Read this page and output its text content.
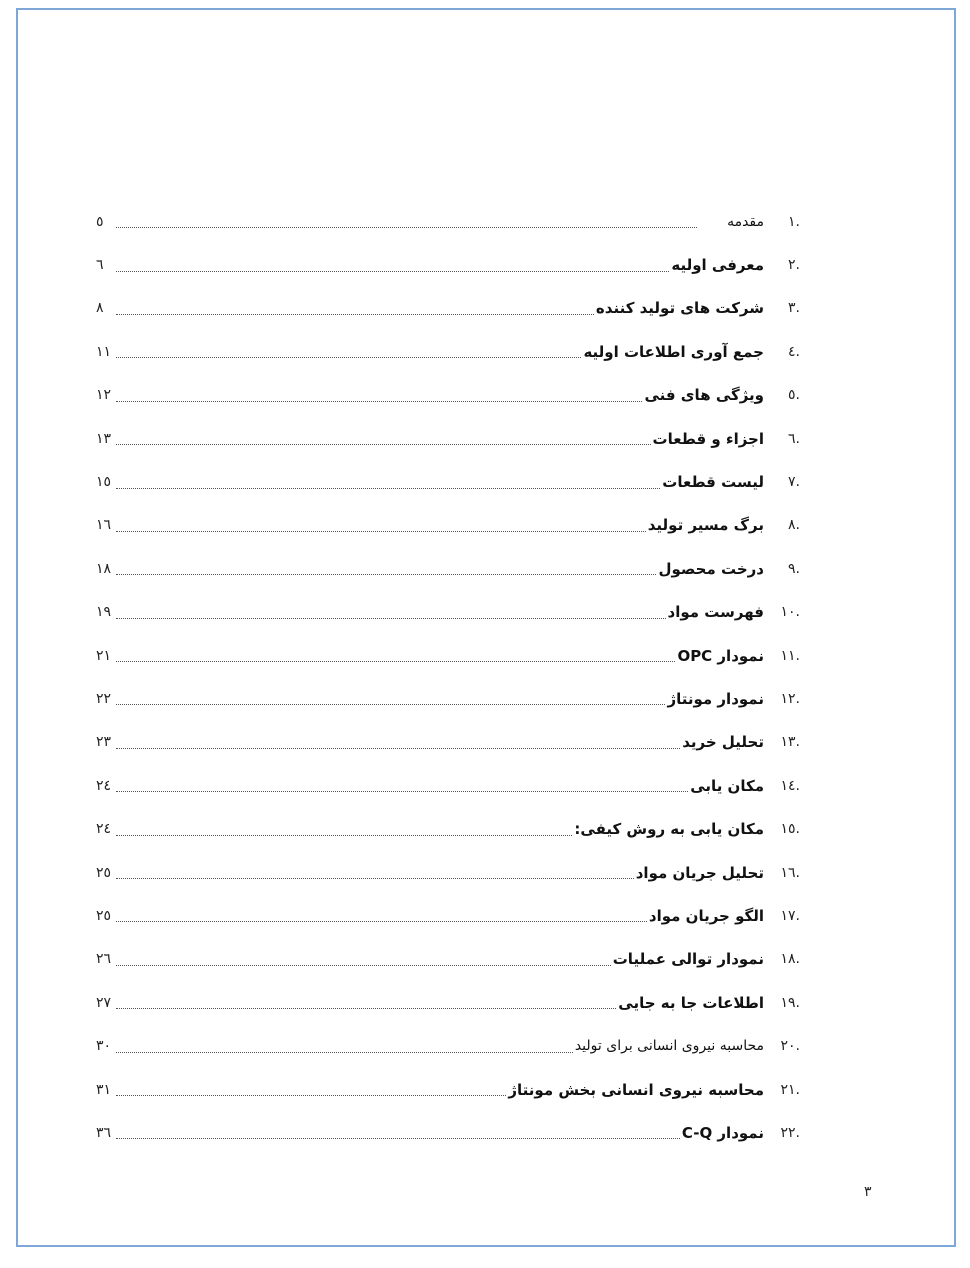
.١
مقدمه
٥
.٢
معرفی اولیه
٦
.٣
شرکت های تولید کننده
٨
.٤
جمع آوری اطلاعات اولیه
١١
.٥
ویژگی های فنی
١٢
.٦
اجزاء و قطعات
١٣
.٧
لیست قطعات
١٥
.٨
برگ مسیر تولید
١٦
.٩
درخت محصول
١٨
.١٠
فهرست مواد
١٩
.١١
نمودار OPC
٢١
.١٢
نمودار مونتاژ
٢٢
.١٣
تحلیل خرید
٢٣
.١٤
مکان یابی
٢٤
.١٥
مکان یابی به روش کیفی:
٢٤
.١٦
تحلیل جریان مواد
٢٥
.١٧
الگو جریان مواد
٢٥
.١٨
نمودار توالی عملیات
٢٦
.١٩
اطلاعات جا به جایی
٢٧
.٢٠
محاسبه نیروی انسانی برای تولید
٣٠
.٢١
محاسبه نیروی انسانی بخش مونتاژ
٣١
.٢٢
نمودار C-Q
٣٦
٣
